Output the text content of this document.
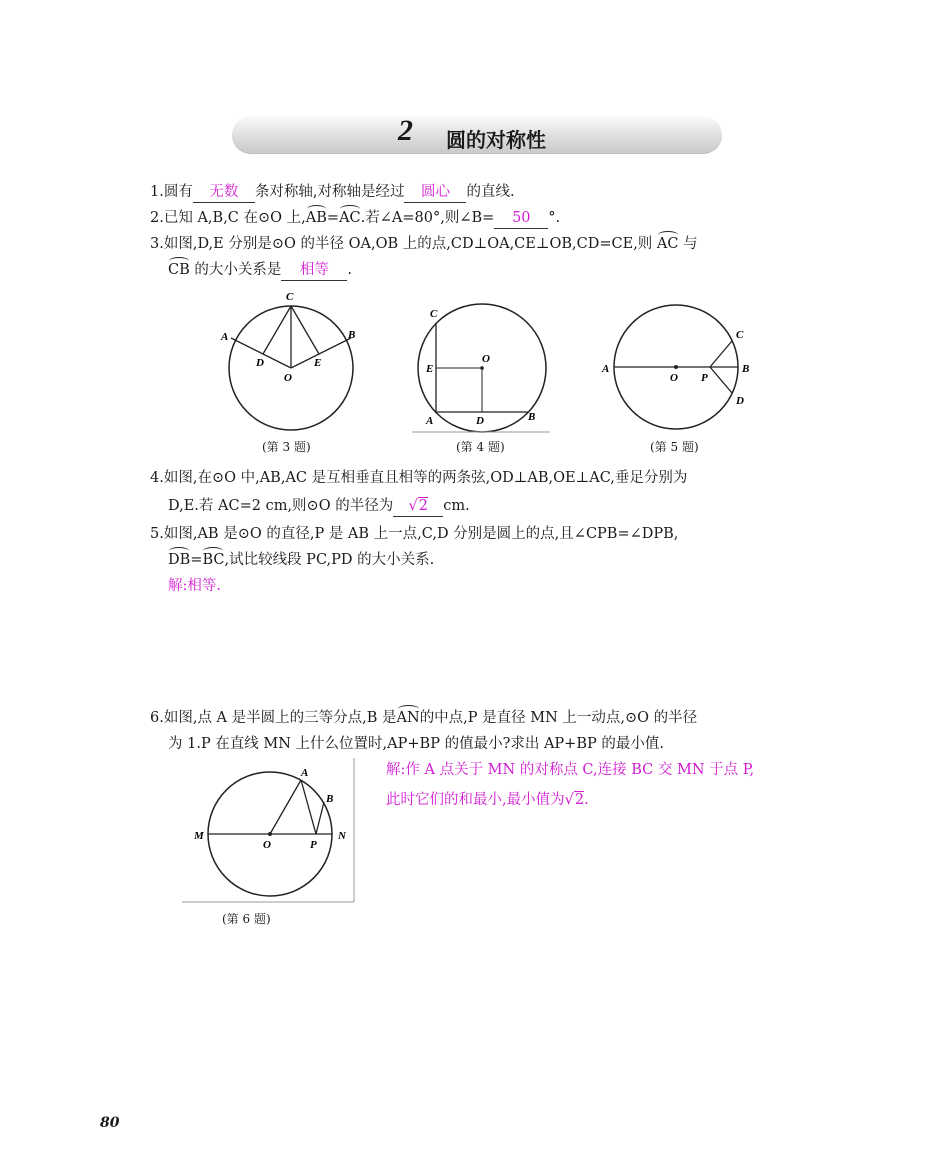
2 圆的对称性
1.圆有 无数 条对称轴,对称轴是经过 圆心 的直线.
2.已知 A,B,C 在⊙O 上,AB=AC.若∠A=80°,则∠B= 50 °.
3.如图,D,E 分别是⊙O 的半径 OA,OB 上的点,CD⊥OA,CE⊥OB,CD=CE,则 AC 与
CB 的大小关系是 相等 .
C
A	B
D	E
O
(第 3 题)
C
E
O
A	D	B
(第 4 题)
A
O P
B
C
D
(第 5 题)
4.如图,在⊙O 中,AB,AC 是互相垂直且相等的两条弦,OD⊥AB,OE⊥AC,垂足分别为
D,E.若 AC=2 cm,则⊙O 的半径为 √2 cm.
5.如图,AB 是⊙O 的直径,P 是 AB 上一点,C,D 分别是圆上的点,且∠CPB=∠DPB,
DB=BC,试比较线段 PC,PD 的大小关系.
解:相等.
6.如图,点 A 是半圆上的三等分点,B 是AN的中点,P 是直径 MN 上一动点,⊙O 的半径
为 1.P 在直线 MN 上什么位置时,AP+BP 的值最小?求出 AP+BP 的最小值.
解:作 A 点关于 MN 的对称点 C,连接 BC 交 MN 于点 P,
此时它们的和最小,最小值为√2.
A
B
M
O	P
N
(第 6 题)
80
